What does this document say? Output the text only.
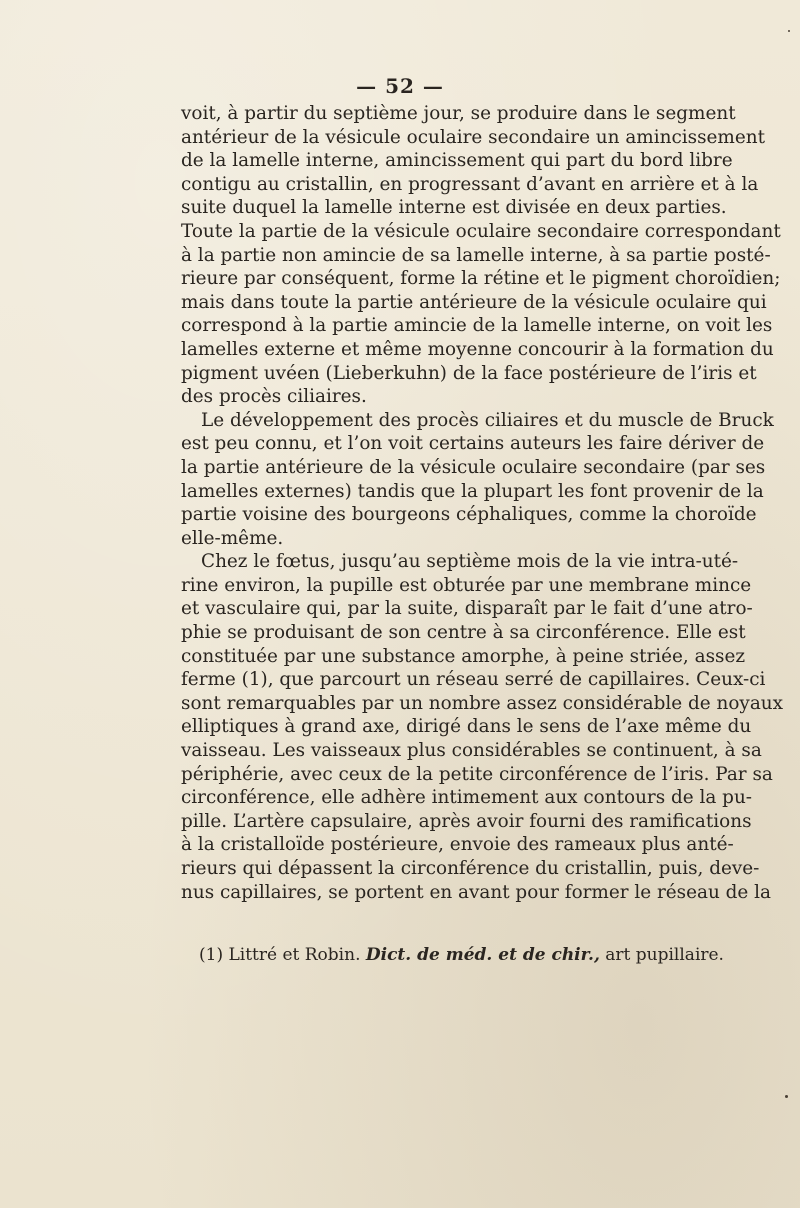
— 52 —
voit, à partir du septième jour, se produire dans le segment
antérieur de la vésicule oculaire secondaire un amincissement
de la lamelle interne, amincissement qui part du bord libre
contigu au cristallin, en progressant d’avant en arrière et à la
suite duquel la lamelle interne est divisée en deux parties.
Toute la partie de la vésicule oculaire secondaire correspondant
à la partie non amincie de sa lamelle interne, à sa partie posté-
rieure par conséquent, forme la rétine et le pigment choroïdien;
mais dans toute la partie antérieure de la vésicule oculaire qui
correspond à la partie amincie de la lamelle interne, on voit les
lamelles externe et même moyenne concourir à la formation du
pigment uvéen (Lieberkuhn) de la face postérieure de l’iris et
des procès ciliaires.
Le développement des procès ciliaires et du muscle de Bruck
est peu connu, et l’on voit certains auteurs les faire dériver de
la partie antérieure de la vésicule oculaire secondaire (par ses
lamelles externes) tandis que la plupart les font provenir de la
partie voisine des bourgeons céphaliques, comme la choroïde
elle-même.
Chez le fœtus, jusqu’au septième mois de la vie intra-uté-
rine environ, la pupille est obturée par une membrane mince
et vasculaire qui, par la suite, disparaît par le fait d’une atro-
phie se produisant de son centre à sa circonférence. Elle est
constituée par une substance amorphe, à peine striée, assez
ferme (1), que parcourt un réseau serré de capillaires. Ceux-ci
sont remarquables par un nombre assez considérable de noyaux
elliptiques à grand axe, dirigé dans le sens de l’axe même du
vaisseau. Les vaisseaux plus considérables se continuent, à sa
périphérie, avec ceux de la petite circonférence de l’iris. Par sa
circonférence, elle adhère intimement aux contours de la pu-
pille. L’artère capsulaire, après avoir fourni des ramifications
à la cristalloïde postérieure, envoie des rameaux plus anté-
rieurs qui dépassent la circonférence du cristallin, puis, deve-
nus capillaires, se portent en avant pour former le réseau de la
(1) Littré et Robin. Dict. de méd. et de chir., art pupillaire.
